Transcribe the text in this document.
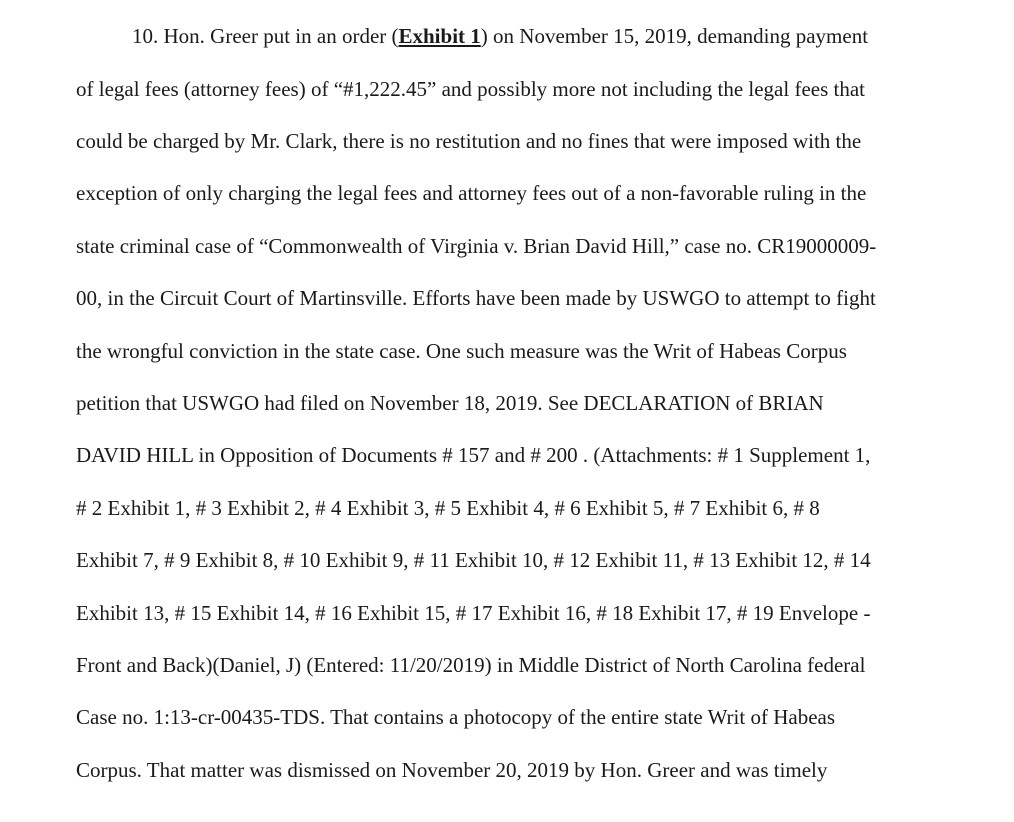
10. Hon. Greer put in an order (Exhibit 1) on November 15, 2019, demanding payment
of legal fees (attorney fees) of “#1,222.45” and possibly more not including the legal fees that
could be charged by Mr. Clark, there is no restitution and no fines that were imposed with the
exception of only charging the legal fees and attorney fees out of a non-favorable ruling in the
state criminal case of “Commonwealth of Virginia v. Brian David Hill,” case no. CR19000009-
00, in the Circuit Court of Martinsville. Efforts have been made by USWGO to attempt to fight
the wrongful conviction in the state case. One such measure was the Writ of Habeas Corpus
petition that USWGO had filed on November 18, 2019. See DECLARATION of BRIAN
DAVID HILL in Opposition of Documents # 157 and # 200 . (Attachments: # 1 Supplement 1,
# 2 Exhibit 1, # 3 Exhibit 2, # 4 Exhibit 3, # 5 Exhibit 4, # 6 Exhibit 5, # 7 Exhibit 6, # 8
Exhibit 7, # 9 Exhibit 8, # 10 Exhibit 9, # 11 Exhibit 10, # 12 Exhibit 11, # 13 Exhibit 12, # 14
Exhibit 13, # 15 Exhibit 14, # 16 Exhibit 15, # 17 Exhibit 16, # 18 Exhibit 17, # 19 Envelope -
Front and Back)(Daniel, J) (Entered: 11/20/2019) in Middle District of North Carolina federal
Case no. 1:13-cr-00435-TDS. That contains a photocopy of the entire state Writ of Habeas
Corpus. That matter was dismissed on November 20, 2019 by Hon. Greer and was timely
